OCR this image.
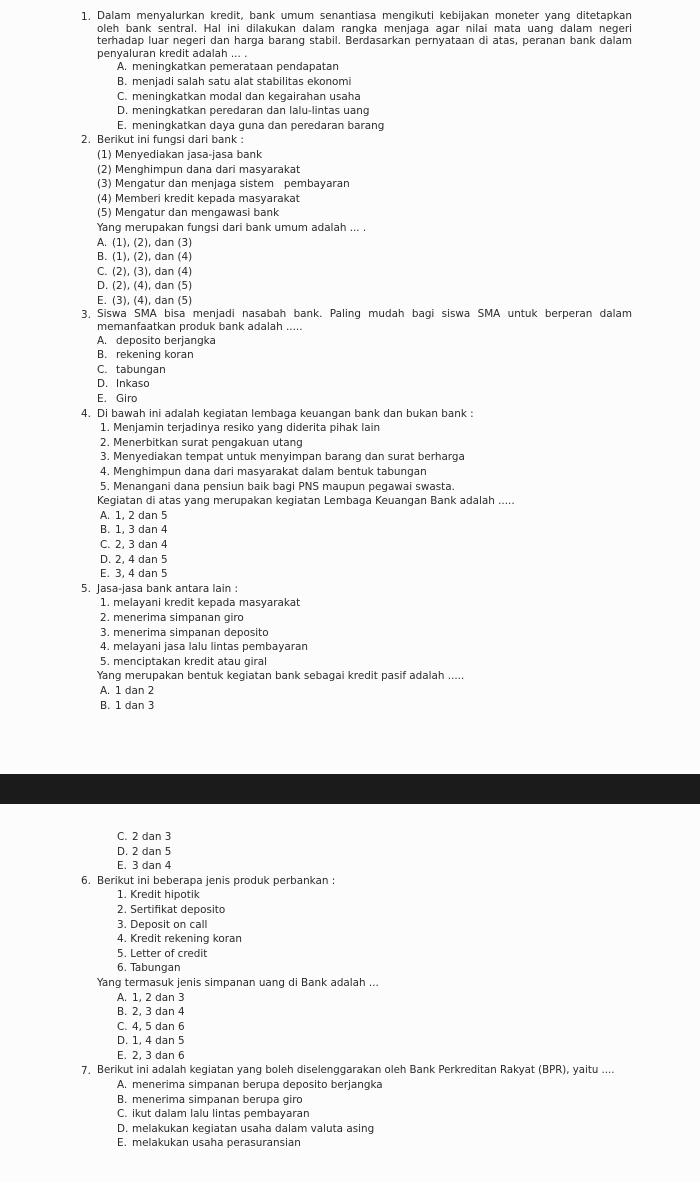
1. Dalam menyalurkan kredit, bank umum senantiasa mengikuti kebijakan moneter yang ditetapkan oleh bank sentral. Hal ini dilakukan dalam rangka menjaga agar nilai mata uang dalam negeri terhadap luar negeri dan harga barang stabil. Berdasarkan pernyataan di atas, peranan bank dalam penyaluran kredit adalah ... .
A. meningkatkan pemerataan pendapatan
B. menjadi salah satu alat stabilitas ekonomi
C. meningkatkan modal dan kegairahan usaha
D. meningkatkan peredaran dan lalu-lintas uang
E. meningkatkan daya guna dan peredaran barang
2. Berikut ini fungsi dari bank :
(1) Menyediakan jasa-jasa bank
(2) Menghimpun dana dari masyarakat
(3) Mengatur dan menjaga sistem   pembayaran
(4) Memberi kredit kepada masyarakat
(5) Mengatur dan mengawasi bank
Yang merupakan fungsi dari bank umum adalah ... .
A. (1), (2), dan (3)
B. (1), (2), dan (4)
C. (2), (3), dan (4)
D. (2), (4), dan (5)
E. (3), (4), dan (5)
3. Siswa SMA bisa menjadi nasabah bank. Paling mudah bagi siswa SMA untuk berperan dalam memanfaatkan produk bank adalah .....
A. deposito berjangka
B. rekening koran
C. tabungan
D. Inkaso
E. Giro
4. Di bawah ini adalah kegiatan lembaga keuangan bank dan bukan bank :
1. Menjamin terjadinya resiko yang diderita pihak lain
2. Menerbitkan surat pengakuan utang
3. Menyediakan tempat untuk menyimpan barang dan surat berharga
4. Menghimpun dana dari masyarakat dalam bentuk tabungan
5. Menangani dana pensiun baik bagi PNS maupun pegawai swasta.
Kegiatan di atas yang merupakan kegiatan Lembaga Keuangan Bank adalah .....
A. 1, 2 dan 5
B. 1, 3 dan 4
C. 2, 3 dan 4
D. 2, 4 dan 5
E. 3, 4 dan 5
5. Jasa-jasa bank antara lain :
1. melayani kredit kepada masyarakat
2. menerima simpanan giro
3. menerima simpanan deposito
4. melayani jasa lalu lintas pembayaran
5. menciptakan kredit atau giral
Yang merupakan bentuk kegiatan bank sebagai kredit pasif adalah .....
A. 1 dan 2
B. 1 dan 3
C. 2 dan 3
D. 2 dan 5
E. 3 dan 4
6. Berikut ini beberapa jenis produk perbankan :
1. Kredit hipotik
2. Sertifikat deposito
3. Deposit on call
4. Kredit rekening koran
5. Letter of credit
6. Tabungan
Yang termasuk jenis simpanan uang di Bank adalah ...
A. 1, 2 dan 3
B. 2, 3 dan 4
C. 4, 5 dan 6
D. 1, 4 dan 5
E. 2, 3 dan 6
7. Berikut ini adalah kegiatan yang boleh diselenggarakan oleh Bank Perkreditan Rakyat (BPR), yaitu ....
A. menerima simpanan berupa deposito berjangka
B. menerima simpanan berupa giro
C. ikut dalam lalu lintas pembayaran
D. melakukan kegiatan usaha dalam valuta asing
E. melakukan usaha perasuransian
